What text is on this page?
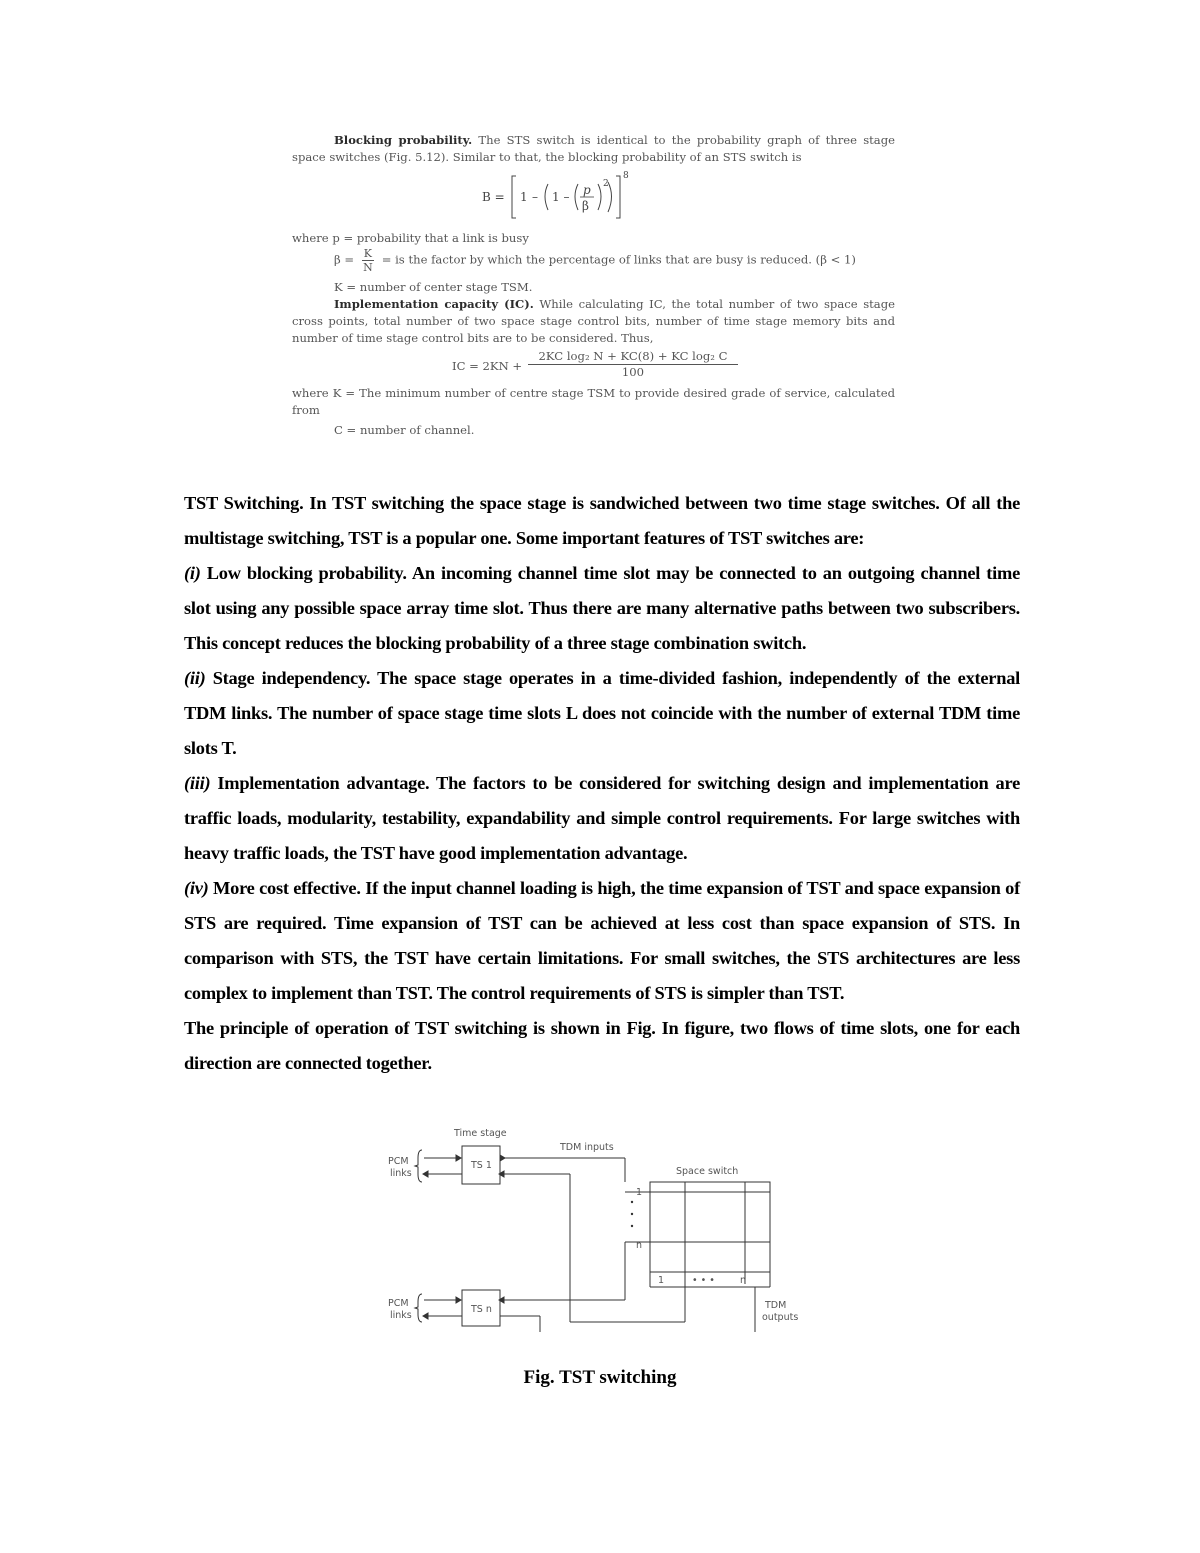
Blocking probability. The STS switch is identical to the probability graph of three stage space switches (Fig. 5.12). Similar to that, the blocking probability of an STS switch is

B = 1 – 1 – p
β
2
8

where p = probability that a link is busy

$\beta = \frac{K}{N}$ = is the factor by which the percentage of links that are busy is reduced. (β < 1)

K = number of center stage TSM.

Implementation capacity (IC). While calculating IC, the total number of two space stage cross points, total number of two space stage control bits, number of time stage memory bits and number of time stage control bits are to be considered. Thus,

IC = $2KN + \frac{\text{2KC log₂ N + KC(8) + KC log₂ C}}{100}$

where K = The minimum number of centre stage TSM to provide desired grade of service, calculated from

C = number of channel.

TST Switching. In TST switching the space stage is sandwiched between two time stage switches. Of all the multistage switching, TST is a popular one. Some important features of TST switches are:

(i) Low blocking probability. An incoming channel time slot may be connected to an outgoing channel time slot using any possible space array time slot. Thus there are many alternative paths between two subscribers. This concept reduces the blocking probability of a three stage combination switch.

(ii) Stage independency. The space stage operates in a time-divided fashion, independently of the external TDM links. The number of space stage time slots L does not coincide with the number of external TDM time slots T.

(iii) Implementation advantage. The factors to be considered for switching design and implementation are traffic loads, modularity, testability, expandability and simple control requirements. For large switches with heavy traffic loads, the TST have good implementation advantage.

(iv) More cost effective. If the input channel loading is high, the time expansion of TST and space expansion of STS are required. Time expansion of TST can be achieved at less cost than space expansion of STS. In comparison with STS, the TST have certain limitations. For small switches, the STS architectures are less complex to implement than TST. The control requirements of STS is simpler than TST.

The principle of operation of TST switching is shown in Fig. In figure, two flows of time slots, one for each direction are connected together.

Time stage
TDM inputs
Space switch
PCM
links
TS 1
PCM
links
TS n
1
n
1	n
• • •
TDM
outputs
Fig. TST switching
